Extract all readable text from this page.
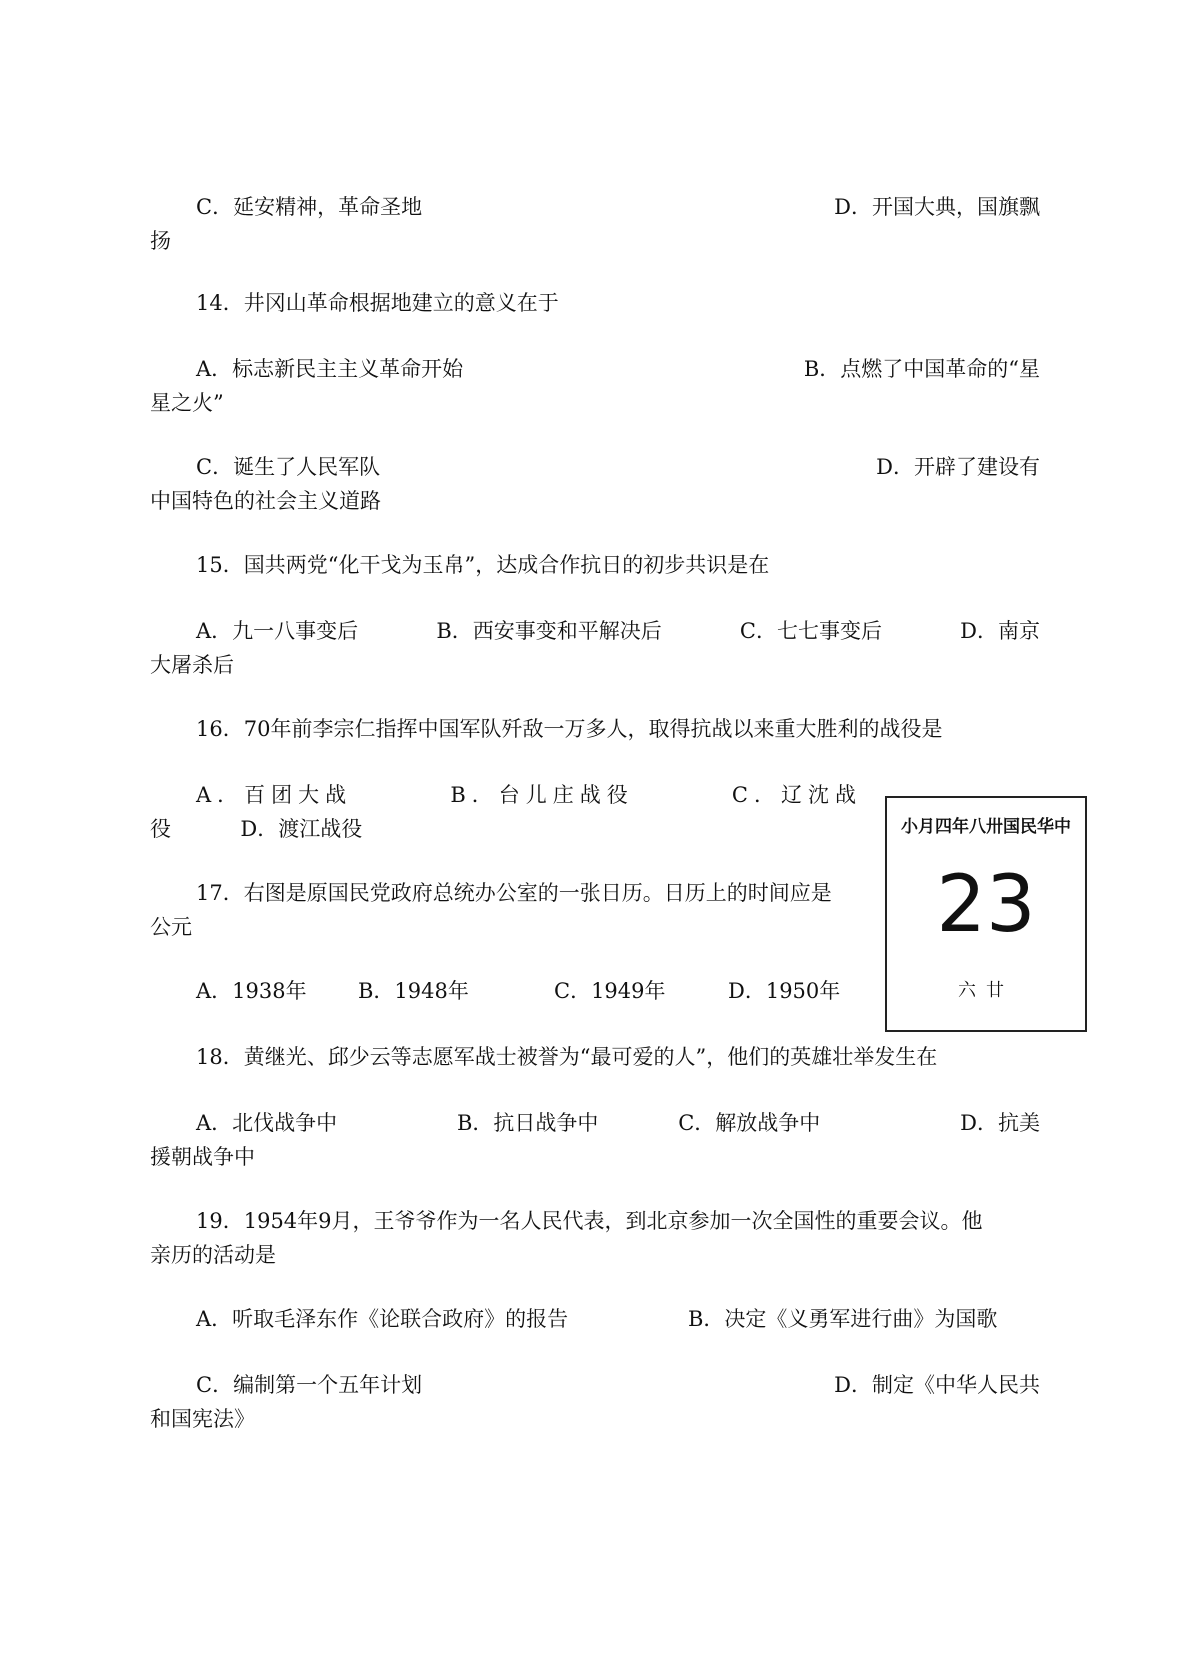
C．延安精神，革命圣地	D．开国大典，国旗飘
扬
14．井冈山革命根据地建立的意义在于
A．标志新民主主义革命开始	B．点燃了中国革命的“星
星之火”
C．诞生了人民军队	D．开辟了建设有
中国特色的社会主义道路
15．国共两党“化干戈为玉帛”，达成合作抗日的初步共识是在
A．九一八事变后	B．西安事变和平解决后	C．七七事变后	D．南京
大屠杀后
16．70年前李宗仁指挥中国军队歼敌一万多人，取得抗战以来重大胜利的战役是
A．百团大战	B．台儿庄战役	C．辽沈战
役	D．渡江战役
17．右图是原国民党政府总统办公室的一张日历。日历上的时间应是
公元
A．1938年 B．1948年	C．1949年	D．1950年
小月四年八卅国民华中
23
六廿
18．黄继光、邱少云等志愿军战士被誉为“最可爱的人”，他们的英雄壮举发生在
A．北伐战争中	B．抗日战争中	C．解放战争中	D．抗美
援朝战争中
19．1954年9月，王爷爷作为一名人民代表，到北京参加一次全国性的重要会议。他
亲历的活动是
A．听取毛泽东作《论联合政府》的报告	B．决定《义勇军进行曲》为国歌
C．编制第一个五年计划	D．制定《中华人民共
和国宪法》
